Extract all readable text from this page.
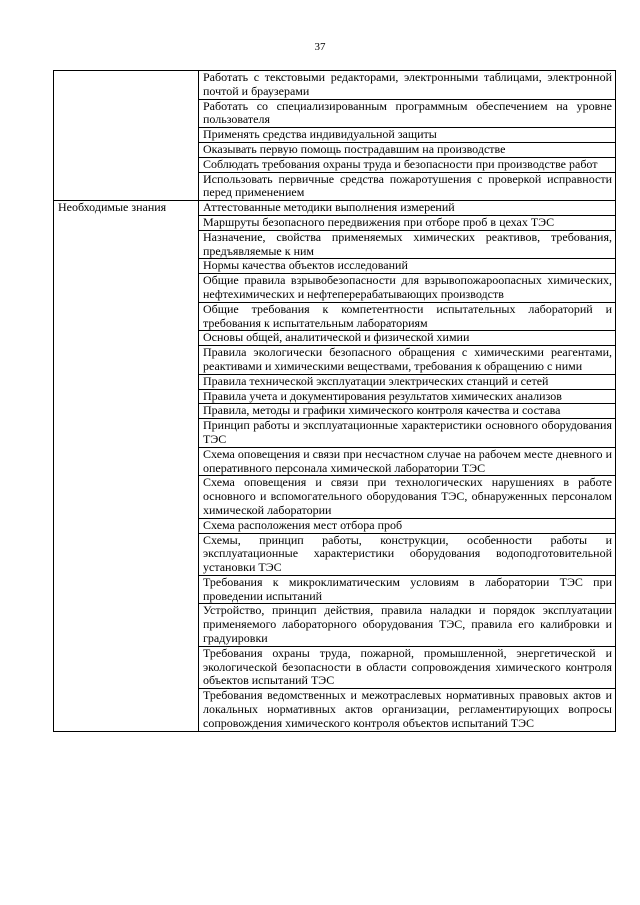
37
	Работать с текстовыми редакторами, электронными таблицами, электронной почтой и браузерами
	Работать со специализированным программным обеспечением на уровне пользователя
	Применять средства индивидуальной защиты
	Оказывать первую помощь пострадавшим на производстве
	Соблюдать требования охраны труда и безопасности при производстве работ
	Использовать первичные средства пожаротушения с проверкой исправности перед применением
Необходимые знания	Аттестованные методики выполнения измерений
	Маршруты безопасного передвижения при отборе проб в цехах ТЭС
	Назначение, свойства применяемых химических реактивов, требования, предъявляемые к ним
	Нормы качества объектов исследований
	Общие правила взрывобезопасности для взрывопожароопасных химических, нефтехимических и нефтеперерабатывающих производств
	Общие требования к компетентности испытательных лабораторий и требования к испытательным лабораториям
	Основы общей, аналитической и физической химии
	Правила экологически безопасного обращения с химическими реагентами, реактивами и химическими веществами, требования к обращению с ними
	Правила технической эксплуатации электрических станций и сетей
	Правила учета и документирования результатов химических анализов
	Правила, методы и графики химического контроля качества и состава
	Принцип работы и эксплуатационные характеристики основного оборудования ТЭС
	Схема оповещения и связи при несчастном случае на рабочем месте дневного и оперативного персонала химической лаборатории ТЭС
	Схема оповещения и связи при технологических нарушениях в работе основного и вспомогательного оборудования ТЭС, обнаруженных персоналом химической лаборатории
	Схема расположения мест отбора проб
	Схемы, принцип работы, конструкции, особенности работы и эксплуатационные характеристики оборудования водоподготовительной установки ТЭС
	Требования к микроклиматическим условиям в лаборатории ТЭС при проведении испытаний
	Устройство, принцип действия, правила наладки и порядок эксплуатации применяемого лабораторного оборудования ТЭС, правила его калибровки и градуировки
	Требования охраны труда, пожарной, промышленной, энергетической и экологической безопасности в области сопровождения химического контроля объектов испытаний ТЭС
	Требования ведомственных и межотраслевых нормативных правовых актов и локальных нормативных актов организации, регламентирующих вопросы сопровождения химического контроля объектов испытаний ТЭС
